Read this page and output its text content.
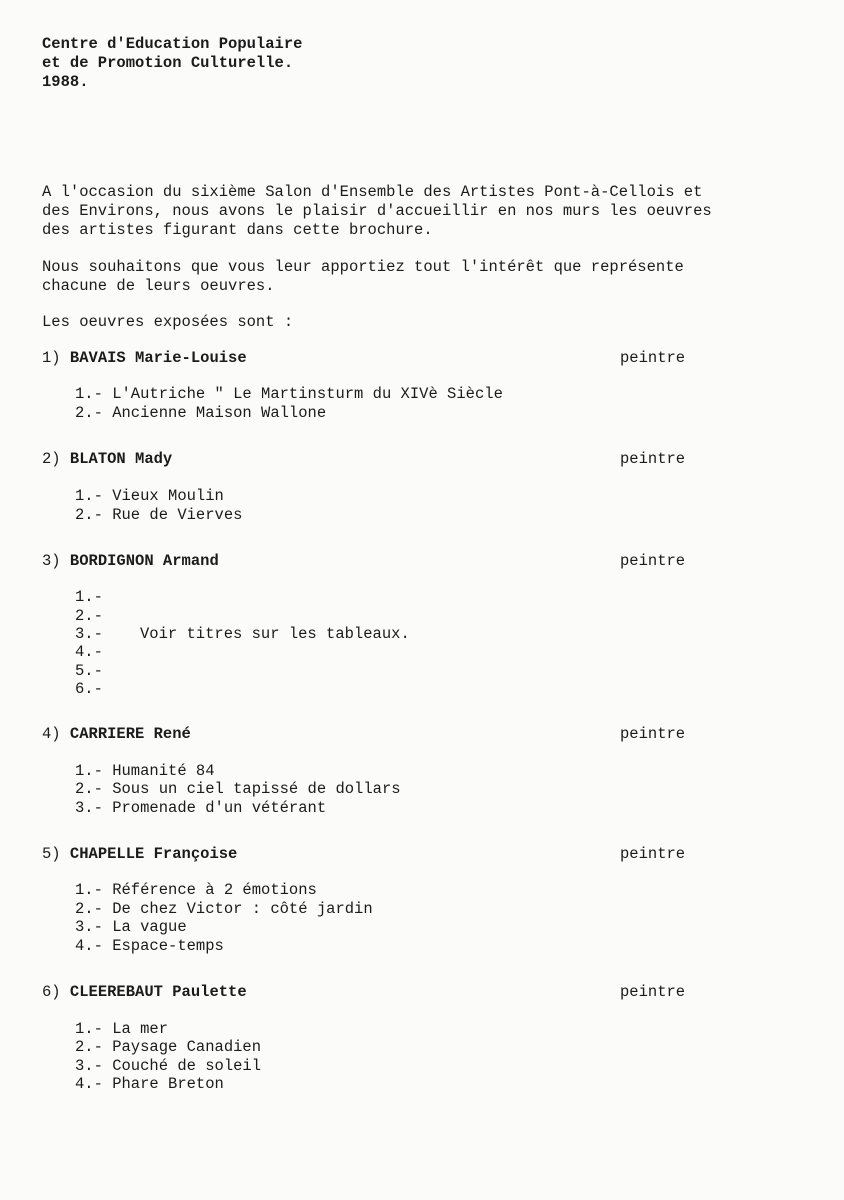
Centre d'Education Populaire
et de Promotion Culturelle.
1988.
A l'occasion du sixième Salon d'Ensemble des Artistes Pont-à-Cellois et
des Environs, nous avons le plaisir d'accueillir en nos murs les oeuvres
des artistes figurant dans cette brochure.
Nous souhaitons que vous leur apportiez tout l'intérêt que représente
chacune de leurs oeuvres.
Les oeuvres exposées sont :
1) BAVAIS Marie-Louise	peintre
1.- L'Autriche " Le Martinsturm du XIVè Siècle
2.- Ancienne Maison Wallone
2) BLATON Mady	peintre
1.- Vieux Moulin
2.- Rue de Vierves
3) BORDIGNON Armand	peintre
1.-
2.-
3.- Voir titres sur les tableaux.
4.-
5.-
6.-
4) CARRIERE René	peintre
1.- Humanité 84
2.- Sous un ciel tapissé de dollars
3.- Promenade d'un vétérant
5) CHAPELLE Françoise	peintre
1.- Référence à 2 émotions
2.- De chez Victor : côté jardin
3.- La vague
4.- Espace-temps
6) CLEEREBAUT Paulette	peintre
1.- La mer
2.- Paysage Canadien
3.- Couché de soleil
4.- Phare Breton
